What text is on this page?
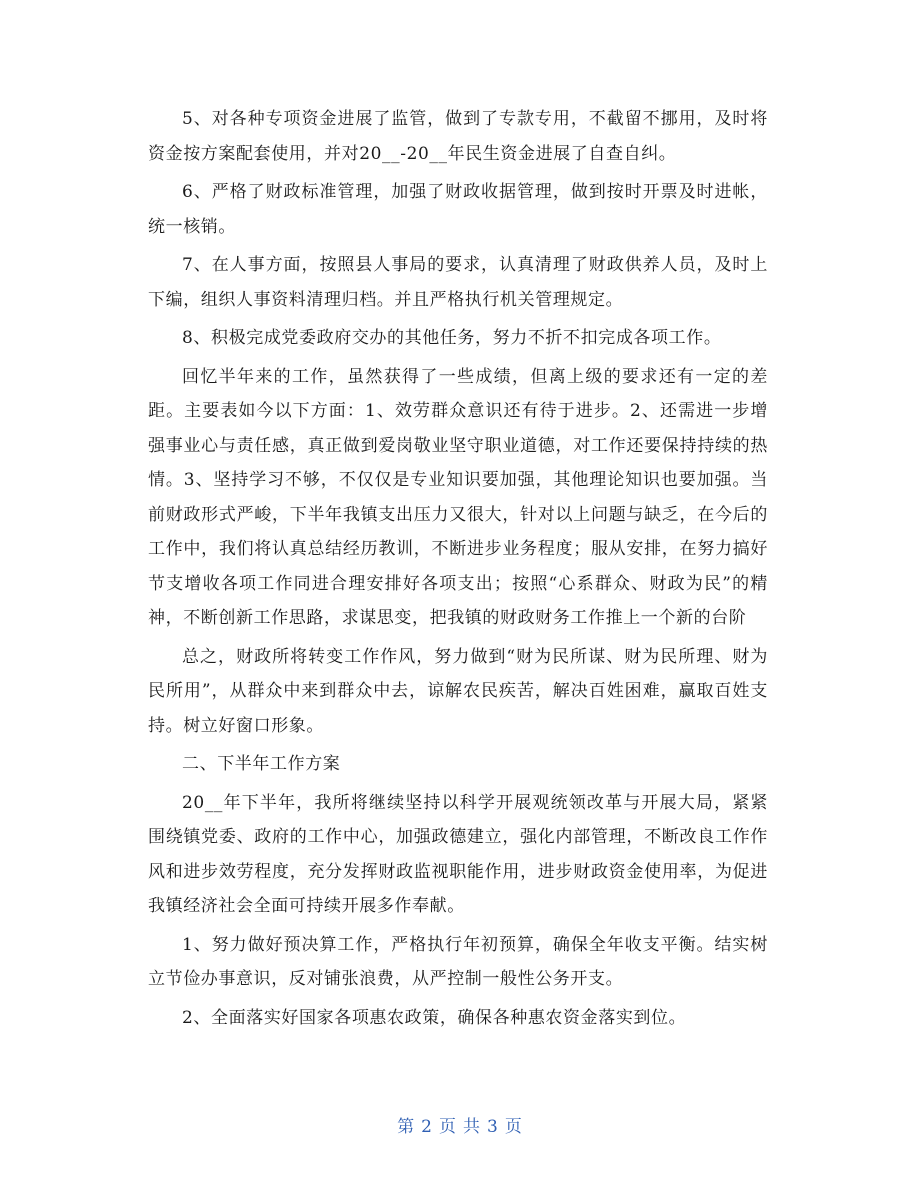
5、对各种专项资金进展了监管，做到了专款专用，不截留不挪用，及时将资金按方案配套使用，并对20__-20__年民生资金进展了自查自纠。

6、严格了财政标准管理，加强了财政收据管理，做到按时开票及时进帐，统一核销。

7、在人事方面，按照县人事局的要求，认真清理了财政供养人员，及时上下编，组织人事资料清理归档。并且严格执行机关管理规定。

8、积极完成党委政府交办的其他任务，努力不折不扣完成各项工作。

回忆半年来的工作，虽然获得了一些成绩，但离上级的要求还有一定的差距。主要表如今以下方面：1、效劳群众意识还有待于进步。2、还需进一步增强事业心与责任感，真正做到爱岗敬业坚守职业道德，对工作还要保持持续的热情。3、坚持学习不够，不仅仅是专业知识要加强，其他理论知识也要加强。当前财政形式严峻，下半年我镇支出压力又很大，针对以上问题与缺乏，在今后的工作中，我们将认真总结经历教训，不断进步业务程度；服从安排，在努力搞好节支增收各项工作同进合理安排好各项支出；按照“心系群众、财政为民”的精神，不断创新工作思路，求谋思变，把我镇的财政财务工作推上一个新的台阶

总之，财政所将转变工作作风，努力做到“财为民所谋、财为民所理、财为民所用”，从群众中来到群众中去，谅解农民疾苦，解决百姓困难，赢取百姓支持。树立好窗口形象。

二、下半年工作方案

20__年下半年，我所将继续坚持以科学开展观统领改革与开展大局，紧紧围绕镇党委、政府的工作中心，加强政德建立，强化内部管理，不断改良工作作风和进步效劳程度，充分发挥财政监视职能作用，进步财政资金使用率，为促进我镇经济社会全面可持续开展多作奉献。

1、努力做好预决算工作，严格执行年初预算，确保全年收支平衡。结实树立节俭办事意识，反对铺张浪费，从严控制一般性公务开支。

2、全面落实好国家各项惠农政策，确保各种惠农资金落实到位。

第 2 页 共 3 页
